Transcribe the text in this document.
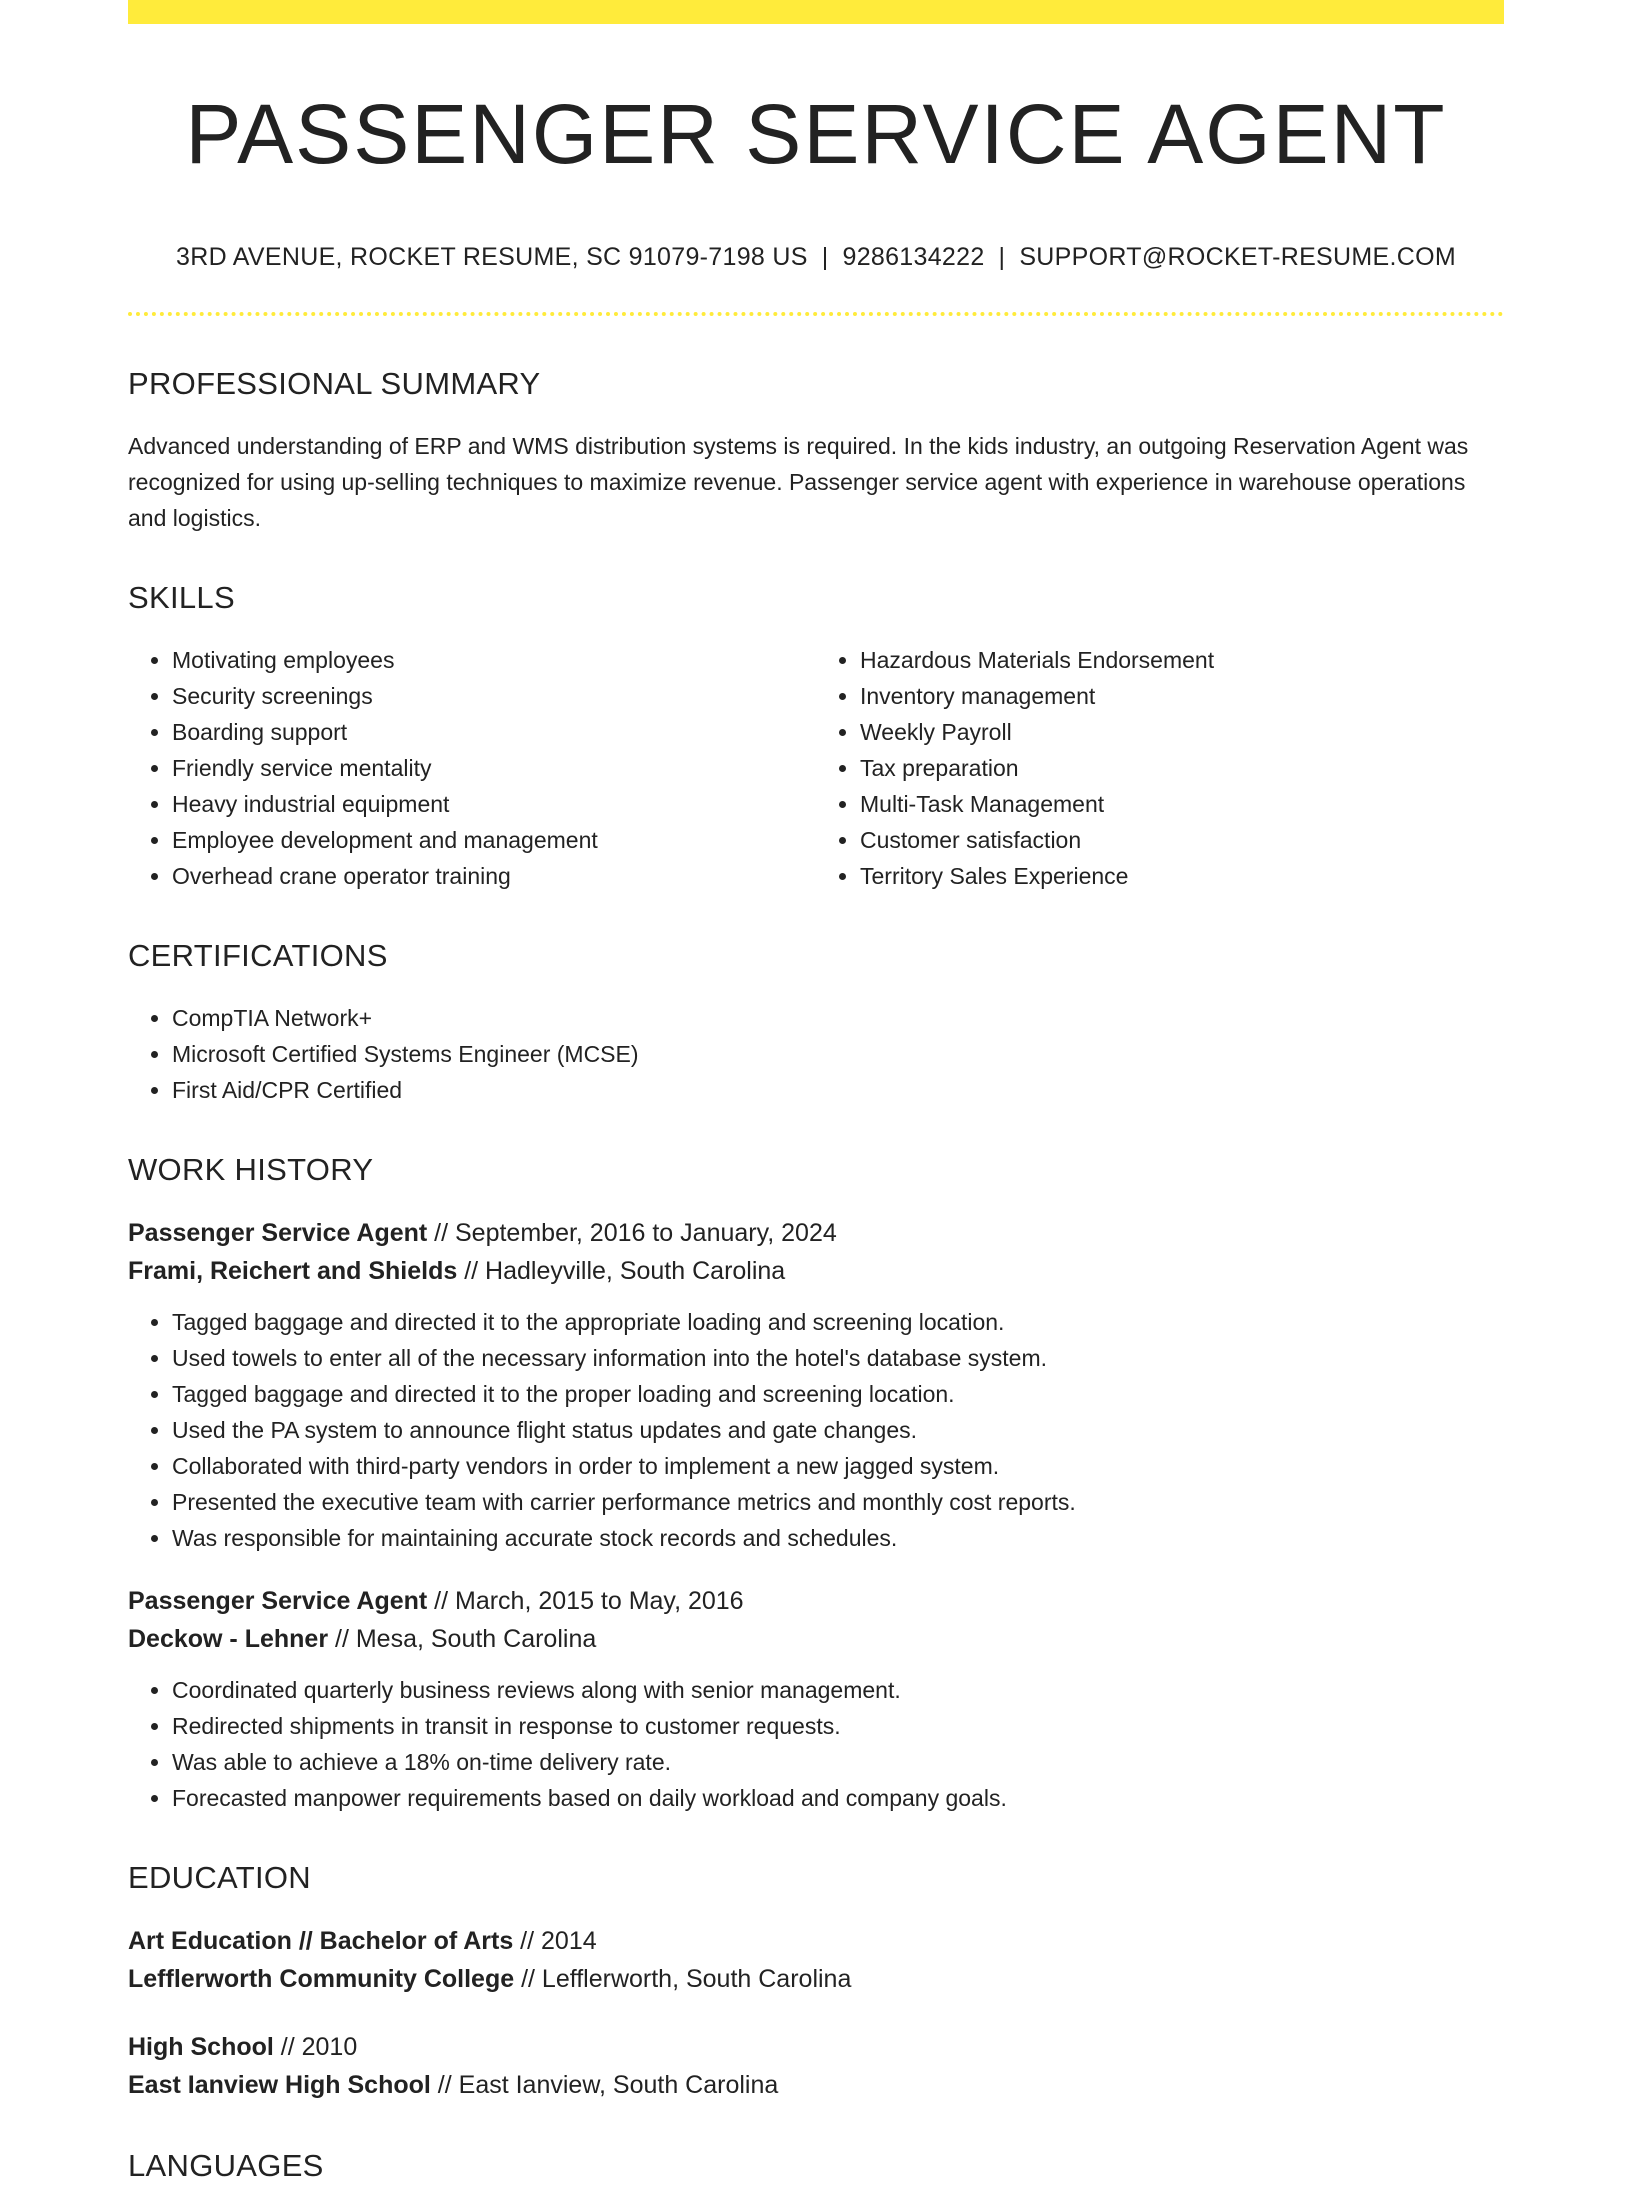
PASSENGER SERVICE AGENT
3RD AVENUE, ROCKET RESUME, SC 91079-7198 US | 9286134222 | SUPPORT@ROCKET-RESUME.COM
PROFESSIONAL SUMMARY

Advanced understanding of ERP and WMS distribution systems is required. In the kids industry, an outgoing Reservation Agent was recognized for using up-selling techniques to maximize revenue. Passenger service agent with experience in warehouse operations and logistics.

SKILLS
• Motivating employees
• Security screenings
• Boarding support
• Friendly service mentality
• Heavy industrial equipment
• Employee development and management
• Overhead crane operator training
• Hazardous Materials Endorsement
• Inventory management
• Weekly Payroll
• Tax preparation
• Multi-Task Management
• Customer satisfaction
• Territory Sales Experience
CERTIFICATIONS
• CompTIA Network+
• Microsoft Certified Systems Engineer (MCSE)
• First Aid/CPR Certified
WORK HISTORY
Passenger Service Agent // September, 2016 to January, 2024
Frami, Reichert and Shields // Hadleyville, South Carolina
• Tagged baggage and directed it to the appropriate loading and screening location.
• Used towels to enter all of the necessary information into the hotel's database system.
• Tagged baggage and directed it to the proper loading and screening location.
• Used the PA system to announce flight status updates and gate changes.
• Collaborated with third-party vendors in order to implement a new jagged system.
• Presented the executive team with carrier performance metrics and monthly cost reports.
• Was responsible for maintaining accurate stock records and schedules.
Passenger Service Agent // March, 2015 to May, 2016
Deckow - Lehner // Mesa, South Carolina
• Coordinated quarterly business reviews along with senior management.
• Redirected shipments in transit in response to customer requests.
• Was able to achieve a 18% on-time delivery rate.
• Forecasted manpower requirements based on daily workload and company goals.
EDUCATION
Art Education // Bachelor of Arts // 2014
Lefflerworth Community College // Lefflerworth, South Carolina
High School // 2010
East Ianview High School // East Ianview, South Carolina
LANGUAGES
